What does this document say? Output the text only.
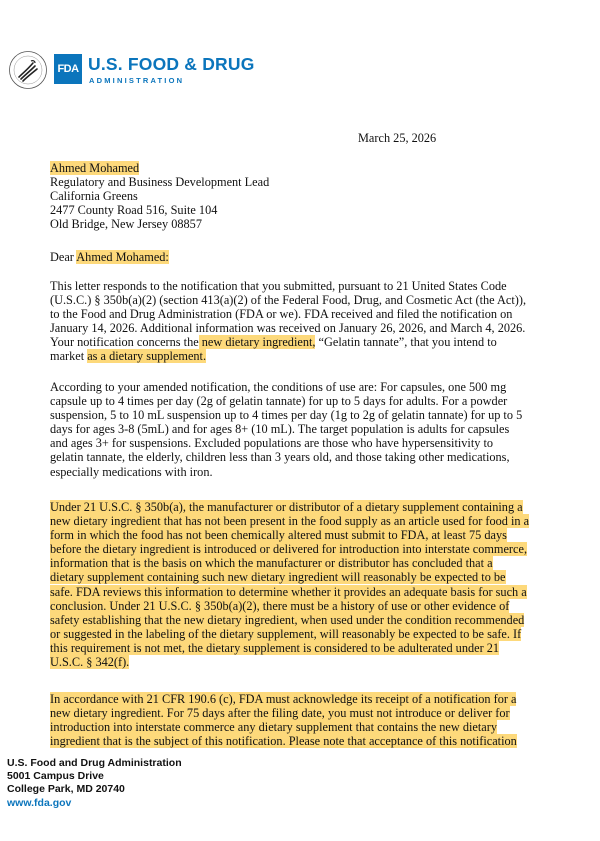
FDA U.S. FOOD & DRUG
ADMINISTRATION
March 25, 2026
Ahmed Mohamed
Regulatory and Business Development Lead
California Greens
2477 County Road 516, Suite 104
Old Bridge, New Jersey 08857
Dear Ahmed Mohamed:
This letter responds to the notification that you submitted, pursuant to 21 United States Code
(U.S.C.) § 350b(a)(2) (section 413(a)(2) of the Federal Food, Drug, and Cosmetic Act (the Act)),
to the Food and Drug Administration (FDA or we). FDA received and filed the notification on
January 14, 2026. Additional information was received on January 26, 2026, and March 4, 2026.
Your notification concerns the new dietary ingredient, “Gelatin tannate”, that you intend to
market as a dietary supplement.
According to your amended notification, the conditions of use are: For capsules, one 500 mg
capsule up to 4 times per day (2g of gelatin tannate) for up to 5 days for adults. For a powder
suspension, 5 to 10 mL suspension up to 4 times per day (1g to 2g of gelatin tannate) for up to 5
days for ages 3-8 (5mL) and for ages 8+ (10 mL). The target population is adults for capsules
and ages 3+ for suspensions. Excluded populations are those who have hypersensitivity to
gelatin tannate, the elderly, children less than 3 years old, and those taking other medications,
especially medications with iron.
Under 21 U.S.C. § 350b(a), the manufacturer or distributor of a dietary supplement containing a
new dietary ingredient that has not been present in the food supply as an article used for food in a
form in which the food has not been chemically altered must submit to FDA, at least 75 days
before the dietary ingredient is introduced or delivered for introduction into interstate commerce,
information that is the basis on which the manufacturer or distributor has concluded that a
dietary supplement containing such new dietary ingredient will reasonably be expected to be
safe. FDA reviews this information to determine whether it provides an adequate basis for such a
conclusion. Under 21 U.S.C. § 350b(a)(2), there must be a history of use or other evidence of
safety establishing that the new dietary ingredient, when used under the condition recommended
or suggested in the labeling of the dietary supplement, will reasonably be expected to be safe. If
this requirement is not met, the dietary supplement is considered to be adulterated under 21
U.S.C. § 342(f).
In accordance with 21 CFR 190.6 (c), FDA must acknowledge its receipt of a notification for a
new dietary ingredient. For 75 days after the filing date, you must not introduce or deliver for
introduction into interstate commerce any dietary supplement that contains the new dietary
ingredient that is the subject of this notification. Please note that acceptance of this notification
U.S. Food and Drug Administration
5001 Campus Drive
College Park, MD 20740
www.fda.gov
